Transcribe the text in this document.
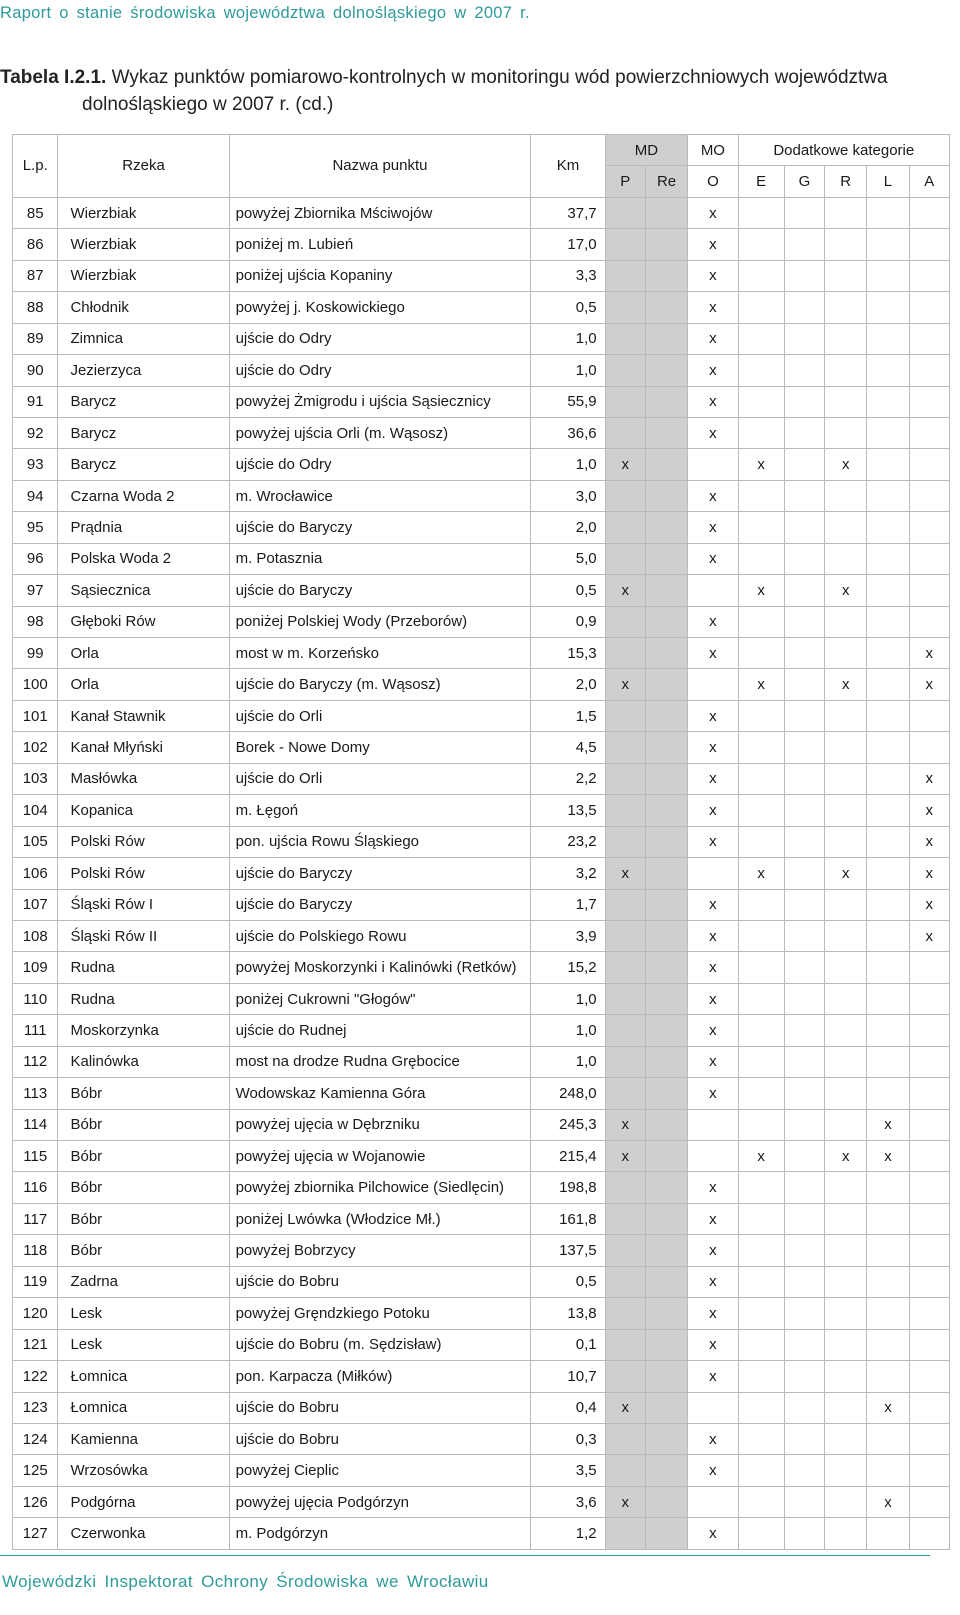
Raport o stanie środowiska województwa dolnośląskiego w 2007 r.
Tabela I.2.1. Wykaz punktów pomiarowo-kontrolnych w monitoringu wód powierzchniowych województwa
dolnośląskiego w 2007 r. (cd.)
L.p.	Rzeka	Nazwa punktu	Km	MD		MO	Dodatkowe kategorie				
				P	Re	O	E	G	R	L	A
85	Wierzbiak	powyżej Zbiornika Mściwojów	37,7			x					
86	Wierzbiak	poniżej m. Lubień	17,0			x					
87	Wierzbiak	poniżej ujścia Kopaniny	3,3			x					
88	Chłodnik	powyżej j. Koskowickiego	0,5			x					
89	Zimnica	ujście do Odry	1,0			x					
90	Jezierzyca	ujście do Odry	1,0			x					
91	Barycz	powyżej Żmigrodu i ujścia Sąsiecznicy	55,9			x					
92	Barycz	powyżej ujścia Orli (m. Wąsosz)	36,6			x					
93	Barycz	ujście do Odry	1,0	x			x		x		
94	Czarna Woda 2	m. Wrocławice	3,0			x					
95	Prądnia	ujście do Baryczy	2,0			x					
96	Polska Woda 2	m. Potasznia	5,0			x					
97	Sąsiecznica	ujście do Baryczy	0,5	x			x		x		
98	Głęboki Rów	poniżej Polskiej Wody (Przeborów)	0,9			x					
99	Orla	most w m. Korzeńsko	15,3			x					x
100	Orla	ujście do Baryczy (m. Wąsosz)	2,0	x			x		x		x
101	Kanał Stawnik	ujście do Orli	1,5			x					
102	Kanał Młyński	Borek - Nowe Domy	4,5			x					
103	Masłówka	ujście do Orli	2,2			x					x
104	Kopanica	m. Łęgoń	13,5			x					x
105	Polski Rów	pon. ujścia Rowu Śląskiego	23,2			x					x
106	Polski Rów	ujście do Baryczy	3,2	x			x		x		x
107	Śląski Rów I	ujście do Baryczy	1,7			x					x
108	Śląski Rów II	ujście do Polskiego Rowu	3,9			x					x
109	Rudna	powyżej Moskorzynki i Kalinówki (Retków)	15,2			x					
110	Rudna	poniżej Cukrowni "Głogów"	1,0			x					
111	Moskorzynka	ujście do Rudnej	1,0			x					
112	Kalinówka	most na drodze Rudna Grębocice	1,0			x					
113	Bóbr	Wodowskaz Kamienna Góra	248,0			x					
114	Bóbr	powyżej ujęcia w Dębrzniku	245,3	x						x	
115	Bóbr	powyżej ujęcia w Wojanowie	215,4	x			x		x	x	
116	Bóbr	powyżej zbiornika Pilchowice (Siedlęcin)	198,8			x					
117	Bóbr	poniżej Lwówka (Włodzice Mł.)	161,8			x					
118	Bóbr	powyżej Bobrzycy	137,5			x					
119	Zadrna	ujście do Bobru	0,5			x					
120	Lesk	powyżej Gręndzkiego Potoku	13,8			x					
121	Lesk	ujście do Bobru (m. Sędzisław)	0,1			x					
122	Łomnica	pon. Karpacza (Miłków)	10,7			x					
123	Łomnica	ujście do Bobru	0,4	x						x	
124	Kamienna	ujście do Bobru	0,3			x					
125	Wrzosówka	powyżej Cieplic	3,5			x					
126	Podgórna	powyżej ujęcia Podgórzyn	3,6	x						x	
127	Czerwonka	m. Podgórzyn	1,2			x					
Wojewódzki Inspektorat Ochrony Środowiska we Wrocławiu
